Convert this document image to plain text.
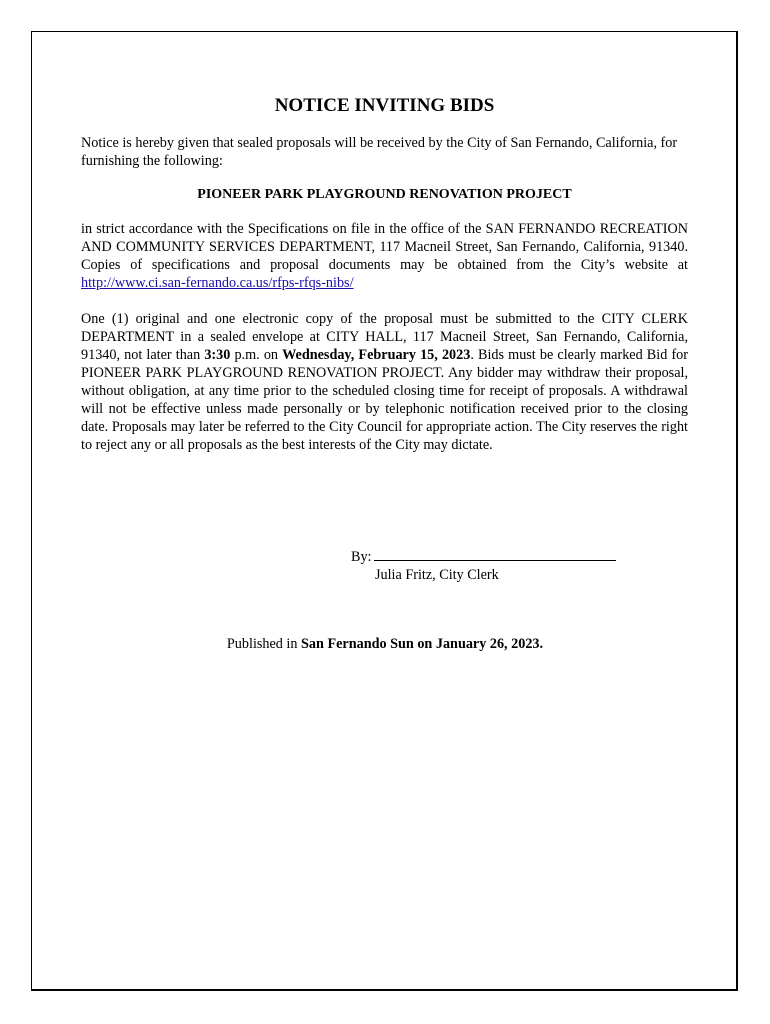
NOTICE INVITING BIDS

Notice is hereby given that sealed proposals will be received by the City of San Fernando, California, for furnishing the following:

PIONEER PARK PLAYGROUND RENOVATION PROJECT

in strict accordance with the Specifications on file in the office of the SAN FERNANDO RECREATION AND COMMUNITY SERVICES DEPARTMENT, 117 Macneil Street, San Fernando, California, 91340. Copies of specifications and proposal documents may be obtained from the City’s website at http://www.ci.san-fernando.ca.us/rfps-rfqs-nibs/

One (1) original and one electronic copy of the proposal must be submitted to the CITY CLERK DEPARTMENT in a sealed envelope at CITY HALL, 117 Macneil Street, San Fernando, California, 91340, not later than 3:30 p.m. on Wednesday, February 15, 2023. Bids must be clearly marked Bid for PIONEER PARK PLAYGROUND RENOVATION PROJECT. Any bidder may withdraw their proposal, without obligation, at any time prior to the scheduled closing time for receipt of proposals. A withdrawal will not be effective unless made personally or by telephonic notification received prior to the closing date. Proposals may later be referred to the City Council for appropriate action. The City reserves the right to reject any or all proposals as the best interests of the City may dictate.

By:
Julia Fritz, City Clerk
Published in San Fernando Sun on January 26, 2023.
